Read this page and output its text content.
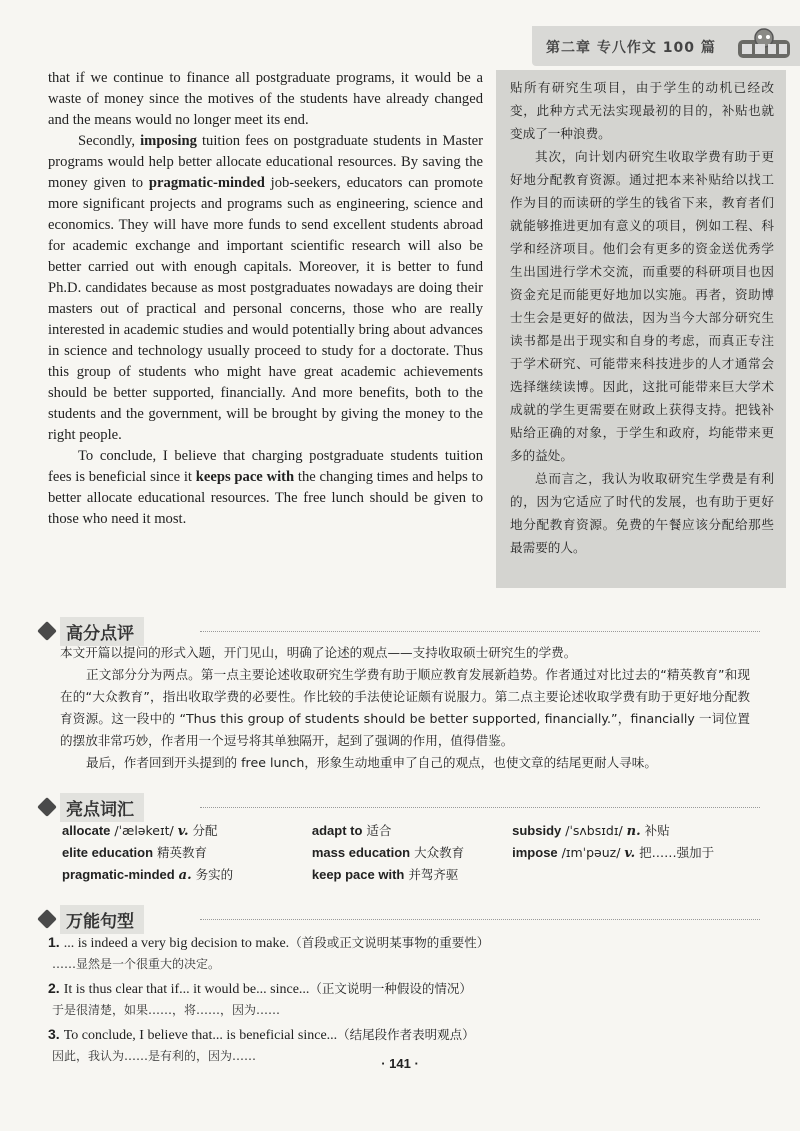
第二章 专八作文 100 篇

that if we continue to finance all postgraduate programs, it would be a waste of money since the motives of the students have already changed and the means would no longer meet its end.

Secondly, imposing tuition fees on postgraduate students in Master programs would help better allocate educational resources. By saving the money given to pragmatic-minded job-seekers, educators can promote more significant projects and programs such as engineering, science and economics. They will have more funds to send excellent students abroad for academic exchange and important scientific research will also be better carried out with enough capitals. Moreover, it is better to fund Ph.D. candidates because as most postgraduates nowadays are doing their masters out of practical and personal concerns, those who are really interested in academic studies and would potentially bring about advances in science and technology usually proceed to study for a doctorate. Thus this group of students who might have great academic achievements should be better supported, financially. And more benefits, both to the students and the government, will be brought by giving the money to the right people.

To conclude, I believe that charging postgraduate students tuition fees is beneficial since it keeps pace with the changing times and helps to better allocate educational resources. The free lunch should be given to those who need it most.

贴所有研究生项目，由于学生的动机已经改变，此种方式无法实现最初的目的，补贴也就变成了一种浪费。

其次，向计划内研究生收取学费有助于更好地分配教育资源。通过把本来补贴给以找工作为目的而读研的学生的钱省下来，教育者们就能够推进更加有意义的项目，例如工程、科学和经济项目。他们会有更多的资金送优秀学生出国进行学术交流，而重要的科研项目也因资金充足而能更好地加以实施。再者，资助博士生会是更好的做法，因为当今大部分研究生读书都是出于现实和自身的考虑，而真正专注于学术研究、可能带来科技进步的人才通常会选择继续读博。因此，这批可能带来巨大学术成就的学生更需要在财政上获得支持。把钱补贴给正确的对象，于学生和政府，均能带来更多的益处。

总而言之，我认为收取研究生学费是有利的，因为它适应了时代的发展，也有助于更好地分配教育资源。免费的午餐应该分配给那些最需要的人。

高分点评

本文开篇以提问的形式入题，开门见山，明确了论述的观点——支持收取硕士研究生的学费。

正文部分分为两点。第一点主要论述收取研究生学费有助于顺应教育发展新趋势。作者通过对比过去的“精英教育”和现在的“大众教育”，指出收取学费的必要性。作比较的手法使论证颇有说服力。第二点主要论述收取学费有助于更好地分配教育资源。这一段中的 “Thus this group of students should be better supported, financially.”，financially 一词位置的摆放非常巧妙，作者用一个逗号将其单独隔开，起到了强调的作用，值得借鉴。

最后，作者回到开头提到的 free lunch，形象生动地重申了自己的观点，也使文章的结尾更耐人寻味。

亮点词汇
allocate /ˈæləkeɪt/ v. 分配	adapt to 适合	subsidy /ˈsʌbsɪdɪ/ n. 补贴
elite education 精英教育	mass education 大众教育	impose /ɪmˈpəuz/ v. 把……强加于
pragmatic-minded a. 务实的	keep pace with 并驾齐驱
万能句型
1. ... is indeed a very big decision to make.（首段或正文说明某事物的重要性）
……显然是一个很重大的决定。
2. It is thus clear that if... it would be... since...（正文说明一种假设的情况）
于是很清楚，如果……，将……，因为……
3. To conclude, I believe that... is beneficial since...（结尾段作者表明观点）
因此，我认为……是有利的，因为……	· 141 ·
